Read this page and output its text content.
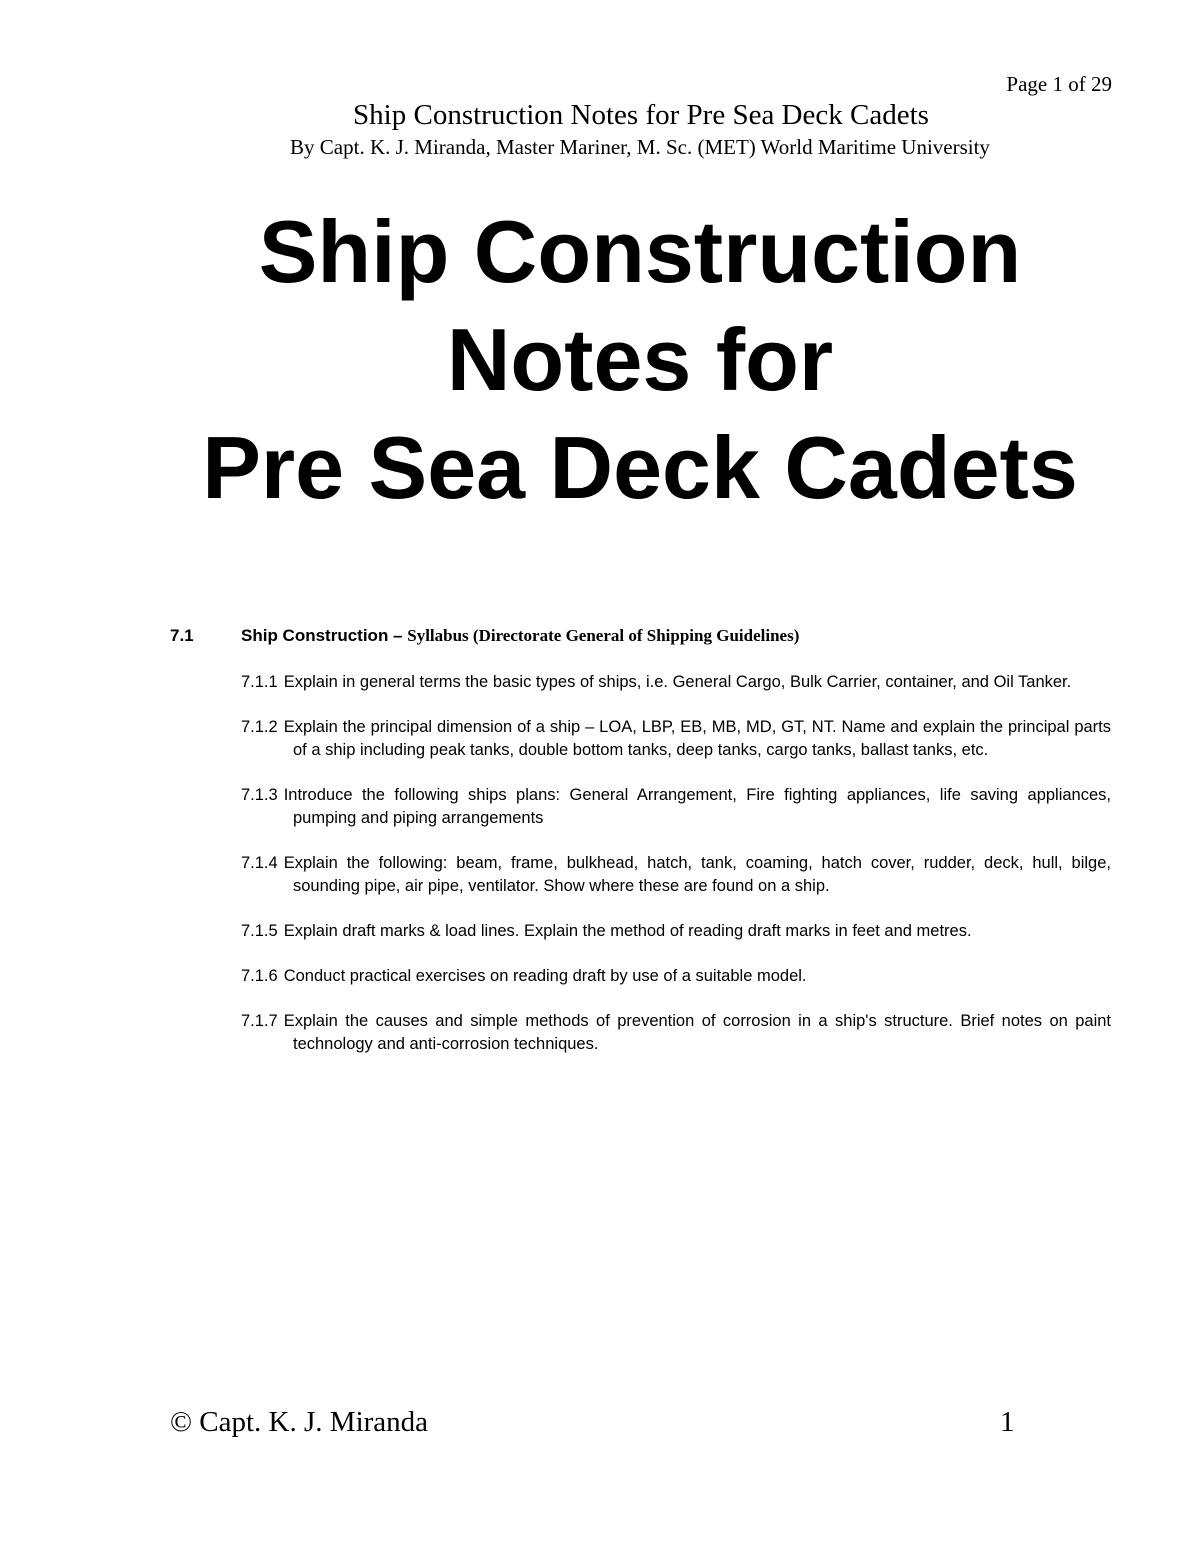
Page 1 of 29
Ship Construction Notes for Pre Sea Deck Cadets
By Capt. K. J. Miranda, Master Mariner, M. Sc. (MET) World Maritime University
Ship Construction
Notes for
Pre Sea Deck Cadets
7.1	Ship Construction – Syllabus (Directorate General of Shipping Guidelines)

7.1.1 Explain in general terms the basic types of ships, i.e. General Cargo, Bulk Carrier, container, and Oil Tanker.

7.1.2 Explain the principal dimension of a ship – LOA, LBP, EB, MB, MD, GT, NT. Name and explain the principal parts of a ship including peak tanks, double bottom tanks, deep tanks, cargo tanks, ballast tanks, etc.

7.1.3 Introduce the following ships plans: General Arrangement, Fire fighting appliances, life saving appliances, pumping and piping arrangements

7.1.4 Explain the following: beam, frame, bulkhead, hatch, tank, coaming, hatch cover, rudder, deck, hull, bilge, sounding pipe, air pipe, ventilator. Show where these are found on a ship.

7.1.5 Explain draft marks & load lines. Explain the method of reading draft marks in feet and metres.

7.1.6 Conduct practical exercises on reading draft by use of a suitable model.

7.1.7 Explain the causes and simple methods of prevention of corrosion in a ship's structure. Brief notes on paint technology and anti-corrosion techniques.

© Capt. K. J. Miranda	1
